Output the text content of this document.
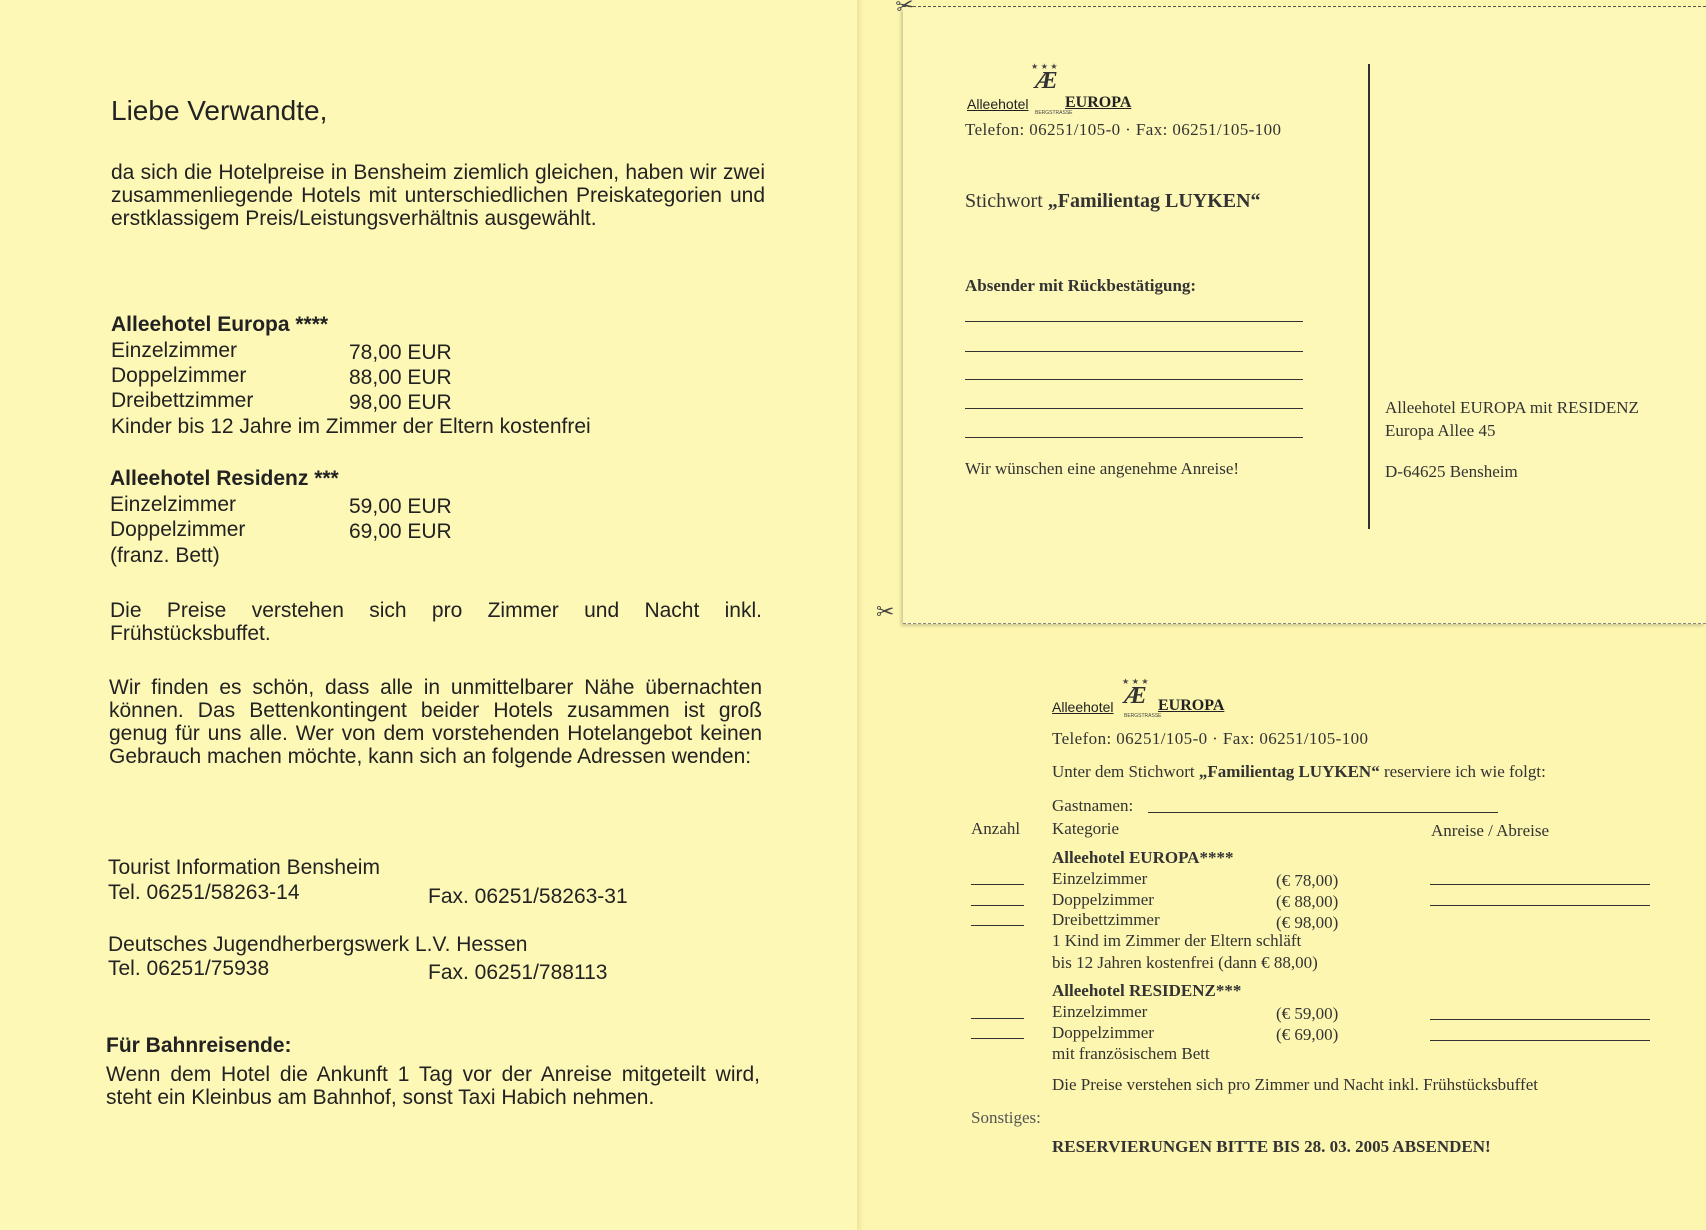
Liebe Verwandte,
da sich die Hotelpreise in Bensheim ziemlich gleichen, haben wir zwei zusammenliegende Hotels mit unterschiedlichen Preiskategorien und erstklassigem Preis/Leistungsverhältnis ausgewählt.
Alleehotel Europa ****
Einzelzimmer	78,00 EUR
Doppelzimmer	88,00 EUR
Dreibettzimmer	98,00 EUR
Kinder bis 12 Jahre im Zimmer der Eltern kostenfrei
Alleehotel Residenz ***
Einzelzimmer	59,00 EUR
Doppelzimmer	69,00 EUR
(franz. Bett)
Die Preise verstehen sich pro Zimmer und Nacht inkl. Frühstücksbuffet.
Wir finden es schön, dass alle in unmittelbarer Nähe übernachten können. Das Bettenkontingent beider Hotels zusammen ist groß genug für uns alle. Wer von dem vorstehenden Hotelangebot keinen Gebrauch machen möchte, kann sich an folgende Adressen wenden:
Tourist Information Bensheim
Tel. 06251/58263-14	Fax. 06251/58263-31
Deutsches Jugendherbergswerk L.V. Hessen
Tel. 06251/75938	Fax. 06251/788113
Für Bahnreisende:
Wenn dem Hotel die Ankunft 1 Tag vor der Anreise mitgeteilt wird, steht ein Kleinbus am Bahnhof, sonst Taxi Habich nehmen.
★ ★ ★
Æ
Alleehotel EUROPA
BERGSTRASSE
Telefon: 06251/105-0 · Fax: 06251/105-100
Stichwort „Familientag LUYKEN“
Absender mit Rückbestätigung:
Wir wünschen eine angenehme Anreise!
Alleehotel EUROPA mit RESIDENZ
Europa Allee 45
D-64625 Bensheim
✂
★ ★ ★
Æ
Alleehotel	EUROPA
BERGSTRASSE
Telefon: 06251/105-0 · Fax: 06251/105-100
Unter dem Stichwort „Familientag LUYKEN“ reserviere ich wie folgt:
Gastnamen:
Anzahl Kategorie	Anreise / Abreise
Alleehotel EUROPA****
Einzelzimmer	(€ 78,00)
Doppelzimmer	(€ 88,00)
Dreibettzimmer	(€ 98,00)
1 Kind im Zimmer der Eltern schläft
bis 12 Jahren kostenfrei (dann € 88,00)
Alleehotel RESIDENZ***
Einzelzimmer	(€ 59,00)
Doppelzimmer	(€ 69,00)
mit französischem Bett
Die Preise verstehen sich pro Zimmer und Nacht inkl. Frühstücksbuffet
Sonstiges:
RESERVIERUNGEN BITTE BIS 28. 03. 2005 ABSENDEN!
